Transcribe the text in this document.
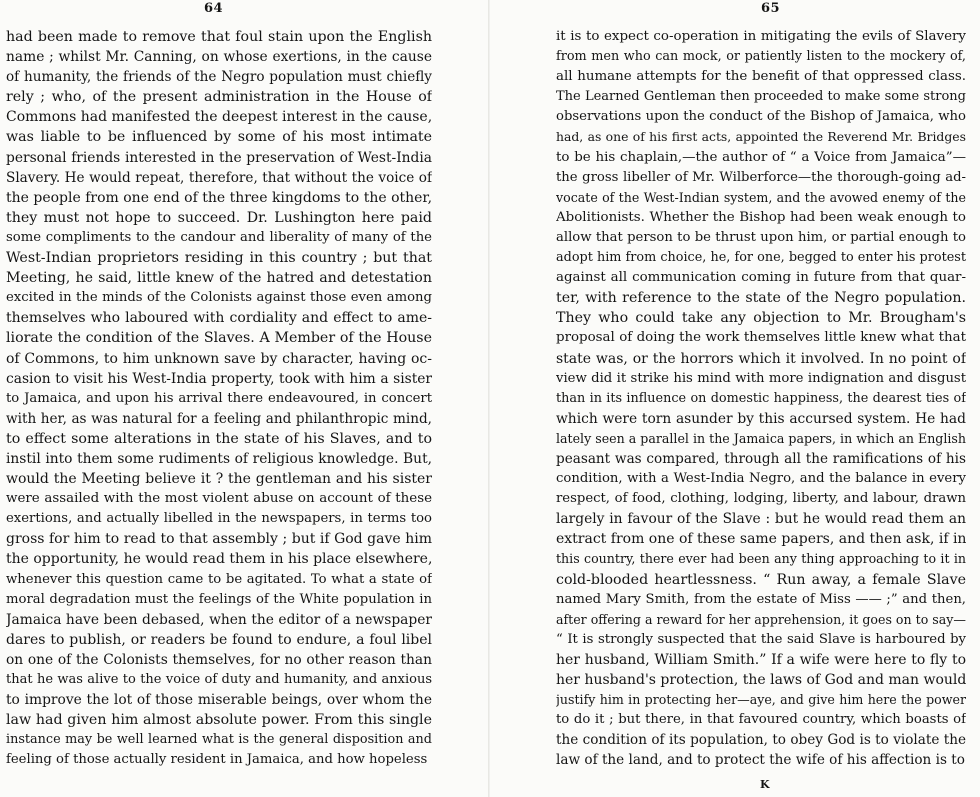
64
had been made to remove that foul stain upon the English
name ; whilst Mr. Canning, on whose exertions, in the cause
of humanity, the friends of the Negro population must chiefly
rely ; who, of the present administration in the House of
Commons had manifested the deepest interest in the cause,
was liable to be influenced by some of his most intimate
personal friends interested in the preservation of West-India
Slavery. He would repeat, therefore, that without the voice of
the people from one end of the three kingdoms to the other,
they must not hope to succeed. Dr. Lushington here paid
some compliments to the candour and liberality of many of the
West-Indian proprietors residing in this country ; but that
Meeting, he said, little knew of the hatred and detestation
excited in the minds of the Colonists against those even among
themselves who laboured with cordiality and effect to ame-
liorate the condition of the Slaves. A Member of the House
of Commons, to him unknown save by character, having oc-
casion to visit his West-India property, took with him a sister
to Jamaica, and upon his arrival there endeavoured, in concert
with her, as was natural for a feeling and philanthropic mind,
to effect some alterations in the state of his Slaves, and to
instil into them some rudiments of religious knowledge. But,
would the Meeting believe it ? the gentleman and his sister
were assailed with the most violent abuse on account of these
exertions, and actually libelled in the newspapers, in terms too
gross for him to read to that assembly ; but if God gave him
the opportunity, he would read them in his place elsewhere,
whenever this question came to be agitated. To what a state of
moral degradation must the feelings of the White population in
Jamaica have been debased, when the editor of a newspaper
dares to publish, or readers be found to endure, a foul libel
on one of the Colonists themselves, for no other reason than
that he was alive to the voice of duty and humanity, and anxious
to improve the lot of those miserable beings, over whom the
law had given him almost absolute power. From this single
instance may be well learned what is the general disposition and
feeling of those actually resident in Jamaica, and how hopeless
65
it is to expect co-operation in mitigating the evils of Slavery
from men who can mock, or patiently listen to the mockery of,
all humane attempts for the benefit of that oppressed class.
The Learned Gentleman then proceeded to make some strong
observations upon the conduct of the Bishop of Jamaica, who
had, as one of his first acts, appointed the Reverend Mr. Bridges
to be his chaplain,—the author of “ a Voice from Jamaica”—
the gross libeller of Mr. Wilberforce—the thorough-going ad-
vocate of the West-Indian system, and the avowed enemy of the
Abolitionists. Whether the Bishop had been weak enough to
allow that person to be thrust upon him, or partial enough to
adopt him from choice, he, for one, begged to enter his protest
against all communication coming in future from that quar-
ter, with reference to the state of the Negro population.
They who could take any objection to Mr. Brougham's
proposal of doing the work themselves little knew what that
state was, or the horrors which it involved. In no point of
view did it strike his mind with more indignation and disgust
than in its influence on domestic happiness, the dearest ties of
which were torn asunder by this accursed system. He had
lately seen a parallel in the Jamaica papers, in which an English
peasant was compared, through all the ramifications of his
condition, with a West-India Negro, and the balance in every
respect, of food, clothing, lodging, liberty, and labour, drawn
largely in favour of the Slave : but he would read them an
extract from one of these same papers, and then ask, if in
this country, there ever had been any thing approaching to it in
cold-blooded heartlessness. “ Run away, a female Slave
named Mary Smith, from the estate of Miss —— ;” and then,
after offering a reward for her apprehension, it goes on to say—
“ It is strongly suspected that the said Slave is harboured by
her husband, William Smith.” If a wife were here to fly to
her husband's protection, the laws of God and man would
justify him in protecting her—aye, and give him here the power
to do it ; but there, in that favoured country, which boasts of
the condition of its population, to obey God is to violate the
law of the land, and to protect the wife of his affection is to
K
